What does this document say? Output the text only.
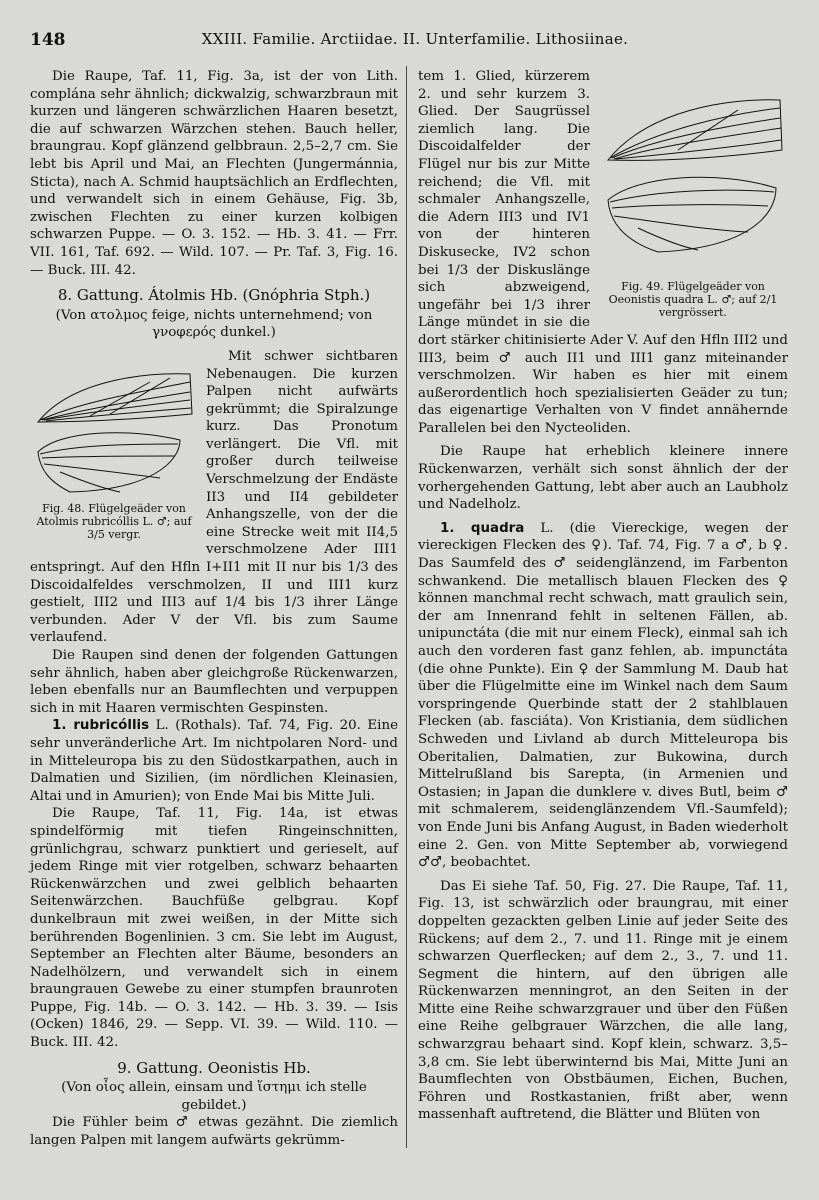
148	XXIII. Familie. Arctiidae. II. Unterfamilie. Lithosiinae.

Die Raupe, Taf. 11, Fig. 3a, ist der von Lith. complána sehr ähnlich; dickwalzig, schwarzbraun mit kurzen und längeren schwärzlichen Haaren besetzt, die auf schwarzen Wärzchen stehen. Bauch heller, braungrau. Kopf glänzend gelbbraun. 2,5–2,7 cm. Sie lebt bis April und Mai, an Flechten (Jungermánnia, Sticta), nach A. Schmid hauptsächlich an Erdflechten, und verwandelt sich in einem Gehäuse, Fig. 3b, zwischen Flechten zu einer kurzen kolbigen schwarzen Puppe. — O. 3. 152. — Hb. 3. 41. — Frr. VII. 161, Taf. 692. — Wild. 107. — Pr. Taf. 3, Fig. 16. — Buck. III. 42.

8. Gattung. Átolmis Hb. (Gnóphria Stph.)

(Von ατολμος feige, nichts unternehmend; von γνοφερός dunkel.)

Fig. 48. Flügelgeäder von Atolmis rubricóllis L. ♂; auf 3/5 vergr.

Mit schwer sichtbaren Nebenaugen. Die kurzen Palpen nicht aufwärts gekrümmt; die Spiralzunge kurz. Das Pronotum verlängert. Die Vfl. mit großer durch teilweise Verschmelzung der Endäste II3 und II4 gebildeter Anhangszelle, von der die eine Strecke weit mit II4,5 verschmolzene Ader III1 entspringt. Auf den Hfln I+II1 mit II nur bis 1/3 des Discoidalfeldes verschmolzen, II und III1 kurz gestielt, III2 und III3 auf 1/4 bis 1/3 ihrer Länge verbunden. Ader V der Vfl. bis zum Saume verlaufend.

Die Raupen sind denen der folgenden Gattungen sehr ähnlich, haben aber gleichgroße Rückenwarzen, leben ebenfalls nur an Baumflechten und verpuppen sich in mit Haaren vermischten Gespinsten.

1. rubricóllis L. (Rothals). Taf. 74, Fig. 20. Eine sehr unveränderliche Art. Im nichtpolaren Nord- und in Mitteleuropa bis zu den Südostkarpathen, auch in Dalmatien und Sizilien, (im nördlichen Kleinasien, Altai und in Amurien); von Ende Mai bis Mitte Juli.

Die Raupe, Taf. 11, Fig. 14a, ist etwas spindelförmig mit tiefen Ringeinschnitten, grünlichgrau, schwarz punktiert und gerieselt, auf jedem Ringe mit vier rotgelben, schwarz behaarten Rückenwärzchen und zwei gelblich behaarten Seitenwärzchen. Bauchfüße gelbgrau. Kopf dunkelbraun mit zwei weißen, in der Mitte sich berührenden Bogenlinien. 3 cm. Sie lebt im August, September an Flechten alter Bäume, besonders an Nadelhölzern, und verwandelt sich in einem braungrauen Gewebe zu einer stumpfen braunroten Puppe, Fig. 14b. — O. 3. 142. — Hb. 3. 39. — Isis (Ocken) 1846, 29. — Sepp. VI. 39. — Wild. 110. — Buck. III. 42.

9. Gattung. Oeonistis Hb.

(Von οἶος allein, einsam und ἵστημι ich stelle gebildet.)

Die Fühler beim ♂ etwas gezähnt. Die ziemlich langen Palpen mit langem aufwärts gekrümm-

Fig. 49. Flügelgeäder von Oeonistis quadra L. ♂; auf 2/1 vergrössert.

tem 1. Glied, kürzerem 2. und sehr kurzem 3. Glied. Der Saugrüssel ziemlich lang. Die Discoidalfelder der Flügel nur bis zur Mitte reichend; die Vfl. mit schmaler Anhangszelle, die Adern III3 und IV1 von der hinteren Diskusecke, IV2 schon bei 1/3 der Diskuslänge sich abzweigend, ungefähr bei 1/3 ihrer Länge mündet in sie die dort stärker chitinisierte Ader V. Auf den Hfln III2 und III3, beim ♂ auch II1 und III1 ganz miteinander verschmolzen. Wir haben es hier mit einem außerordentlich hoch spezialisierten Geäder zu tun; das eigenartige Verhalten von V findet annähernde Parallelen bei den Nycteoliden.

Die Raupe hat erheblich kleinere innere Rückenwarzen, verhält sich sonst ähnlich der der vorhergehenden Gattung, lebt aber auch an Laubholz und Nadelholz.

1. quadra L. (die Viereckige, wegen der viereckigen Flecken des ♀). Taf. 74, Fig. 7 a ♂, b ♀. Das Saumfeld des ♂ seidenglänzend, im Farbenton schwankend. Die metallisch blauen Flecken des ♀ können manchmal recht schwach, matt graulich sein, der am Innenrand fehlt in seltenen Fällen, ab. unipunctáta (die mit nur einem Fleck), einmal sah ich auch den vorderen fast ganz fehlen, ab. impunctáta (die ohne Punkte). Ein ♀ der Sammlung M. Daub hat über die Flügelmitte eine im Winkel nach dem Saum vorspringende Querbinde statt der 2 stahlblauen Flecken (ab. fasciáta). Von Kristiania, dem südlichen Schweden und Livland ab durch Mitteleuropa bis Oberitalien, Dalmatien, zur Bukowina, durch Mittelrußland bis Sarepta, (in Armenien und Ostasien; in Japan die dunklere v. dives Butl, beim ♂ mit schmalerem, seidenglänzendem Vfl.-Saumfeld); von Ende Juni bis Anfang August, in Baden wiederholt eine 2. Gen. von Mitte September ab, vorwiegend ♂♂, beobachtet.

Das Ei siehe Taf. 50, Fig. 27. Die Raupe, Taf. 11, Fig. 13, ist schwärzlich oder braungrau, mit einer doppelten gezackten gelben Linie auf jeder Seite des Rückens; auf dem 2., 7. und 11. Ringe mit je einem schwarzen Querflecken; auf dem 2., 3., 7. und 11. Segment die hintern, auf den übrigen alle Rückenwarzen menningrot, an den Seiten in der Mitte eine Reihe schwarzgrauer und über den Füßen eine Reihe gelbgrauer Wärzchen, die alle lang, schwarzgrau behaart sind. Kopf klein, schwarz. 3,5–3,8 cm. Sie lebt überwinternd bis Mai, Mitte Juni an Baumflechten von Obstbäumen, Eichen, Buchen, Föhren und Rostkastanien, frißt aber, wenn massenhaft auftretend, die Blätter und Blüten von
